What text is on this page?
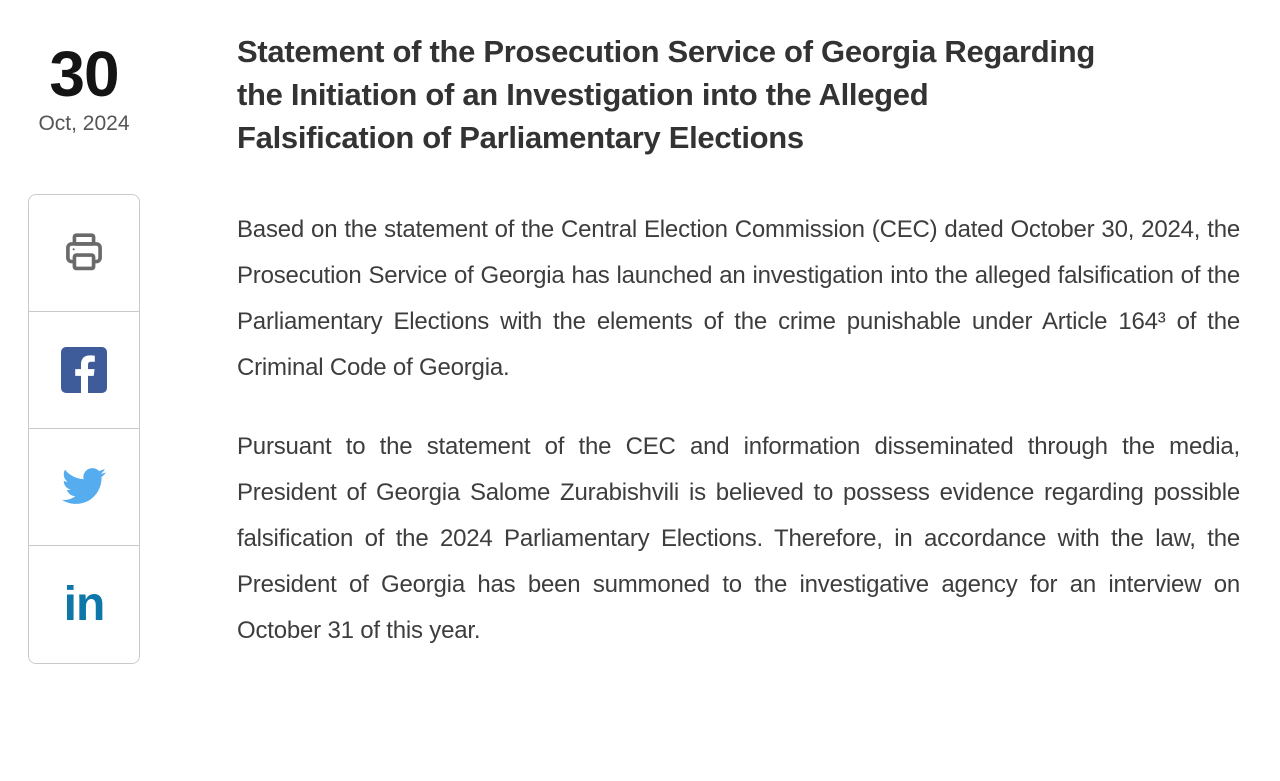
30
Oct, 2024
in
Statement of the Prosecution Service of Georgia Regarding
the Initiation of an Investigation into the Alleged
Falsification of Parliamentary Elections

Based on the statement of the Central Election Commission (CEC) dated October 30, 2024, the Prosecution Service of Georgia has launched an investigation into the alleged falsification of the Parliamentary Elections with the elements of the crime punishable under Article 164³ of the Criminal Code of Georgia.

Pursuant to the statement of the CEC and information disseminated through the media, President of Georgia Salome Zurabishvili is believed to possess evidence regarding possible falsification of the 2024 Parliamentary Elections. Therefore, in accordance with the law, the President of Georgia has been summoned to the investigative agency for an interview on October 31 of this year.
